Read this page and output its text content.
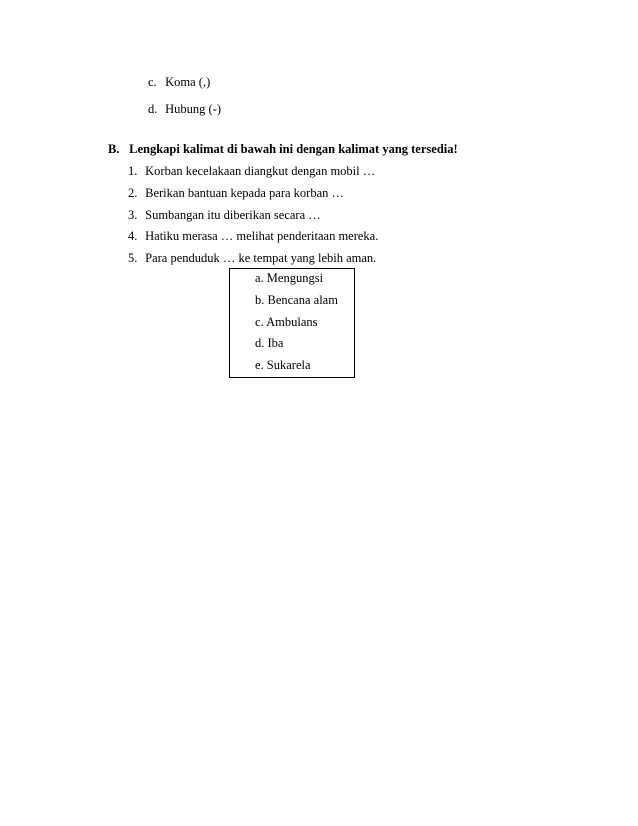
c. Koma (,)
d. Hubung (-)
B. Lengkapi kalimat di bawah ini dengan kalimat yang tersedia!
1. Korban kecelakaan diangkut dengan mobil …
2. Berikan bantuan kepada para korban …
3. Sumbangan itu diberikan secara …
4. Hatiku merasa … melihat penderitaan mereka.
5. Para penduduk … ke tempat yang lebih aman.
a. Mengungsi
b. Bencana alam
c. Ambulans
d. Iba
e. Sukarela
